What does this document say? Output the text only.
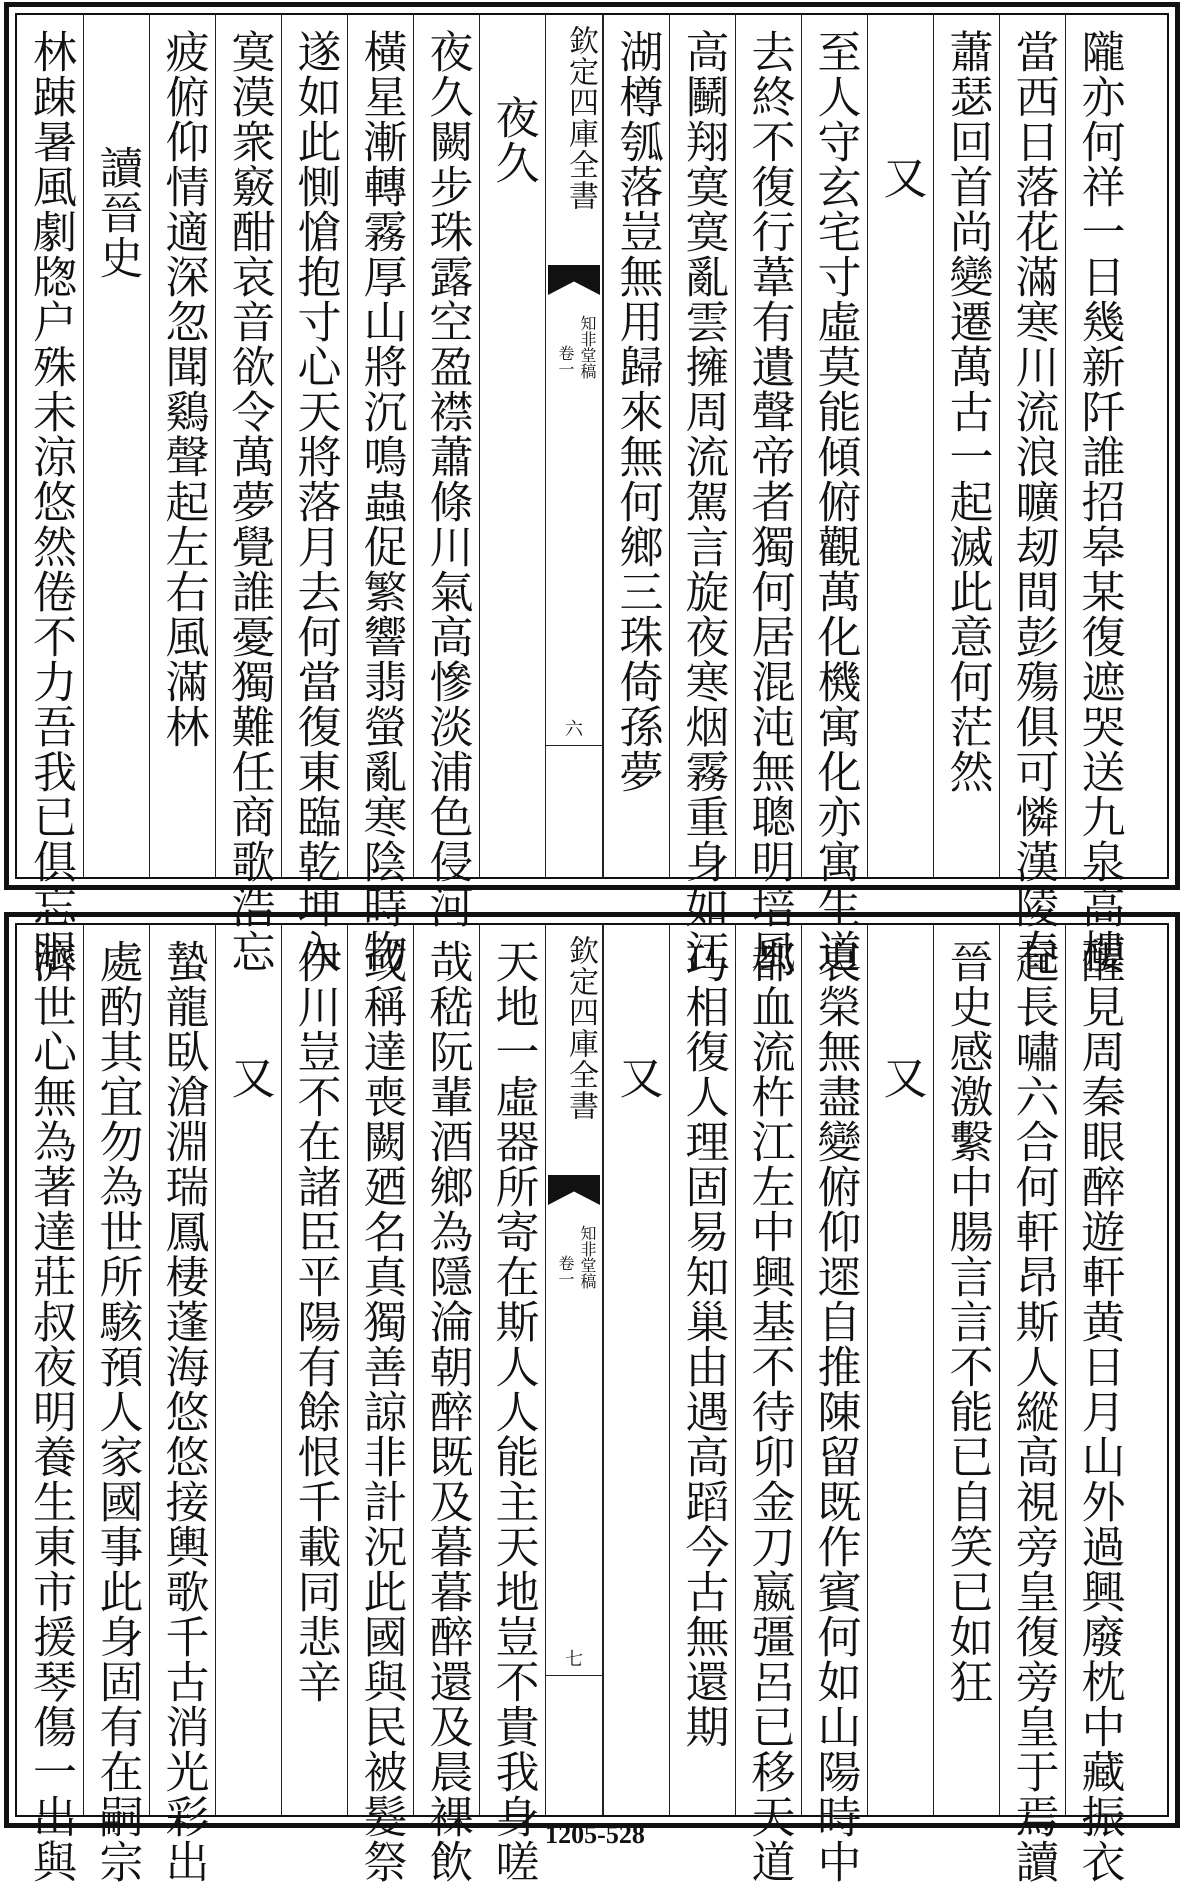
林踈暑風劇牎户殊未涼悠然倦不力吾我已俱忘眼 讀晉史 疲俯仰情適深忽聞鷄聲起左右風滿林 寞漠衆竅酣哀音欲令萬夢覺誰憂獨難任商歌浩忘 遂如此惻愴抱寸心天將落月去何當復東臨乾坤入 橫星漸轉霧厚山將沉鳴蟲促繁響翡螢亂寒陰時物 夜久闕步珠露空盈襟蕭條川氣高慘淡浦色侵河 夜久 欽定四庫全書
知非堂稿
卷一
六 湖樽瓠落豈無用歸來無何鄉三珠倚孫夢 高鬭翔寞寞亂雲擁周流駕言旋夜寒烟霧重身如江 去終不復行葦有遺聲帝者獨何居混沌無聰明培風 至人守玄宅寸虛莫能傾俯觀萬化機寓化亦寓生道 又 蕭瑟回首尚變遷萬古一起滅此意何茫然 當西日落花滿寒川流浪曠刼間彭殤俱可憐漢陵春 隴亦何祥一日幾新阡誰招皋某復遮哭送九泉高樓
濟世心無為著達莊叔夜明養生東市援琴傷一出與 處酌其宜勿為世所駭預人家國事此身固有在嗣宗 蟄龍臥滄淵瑞鳳棲蓬海悠悠接輿歌千古消光彩出 又 伊川豈不在諸臣平陽有餘恨千載同悲辛 或稱達喪闕廼名真獨善諒非計況此國與民被髮祭 哉嵇阮輩酒鄉為隱淪朝醉既及暮暮醉還及晨裸飲 天地一虛器所寄在斯人人能主天地豈不貴我身嗟 欽定四庫全書
知非堂稿
卷一
七
又 巧相復人理固易知巢由遇高蹈今古無還期 都血流杵江左中興基不待卯金刀嬴彊呂已移天道 哀榮無盡變俯仰遝自推陳留既作賓何如山陽時中 又 晉史感激繫中腸言言不能已自笑已如狂 起長嘯六合何軒昂斯人縱高視旁皇復旁皇于焉讀 醒見周秦眼醉遊軒黄日月山外過興廢枕中藏振衣
1205-528
